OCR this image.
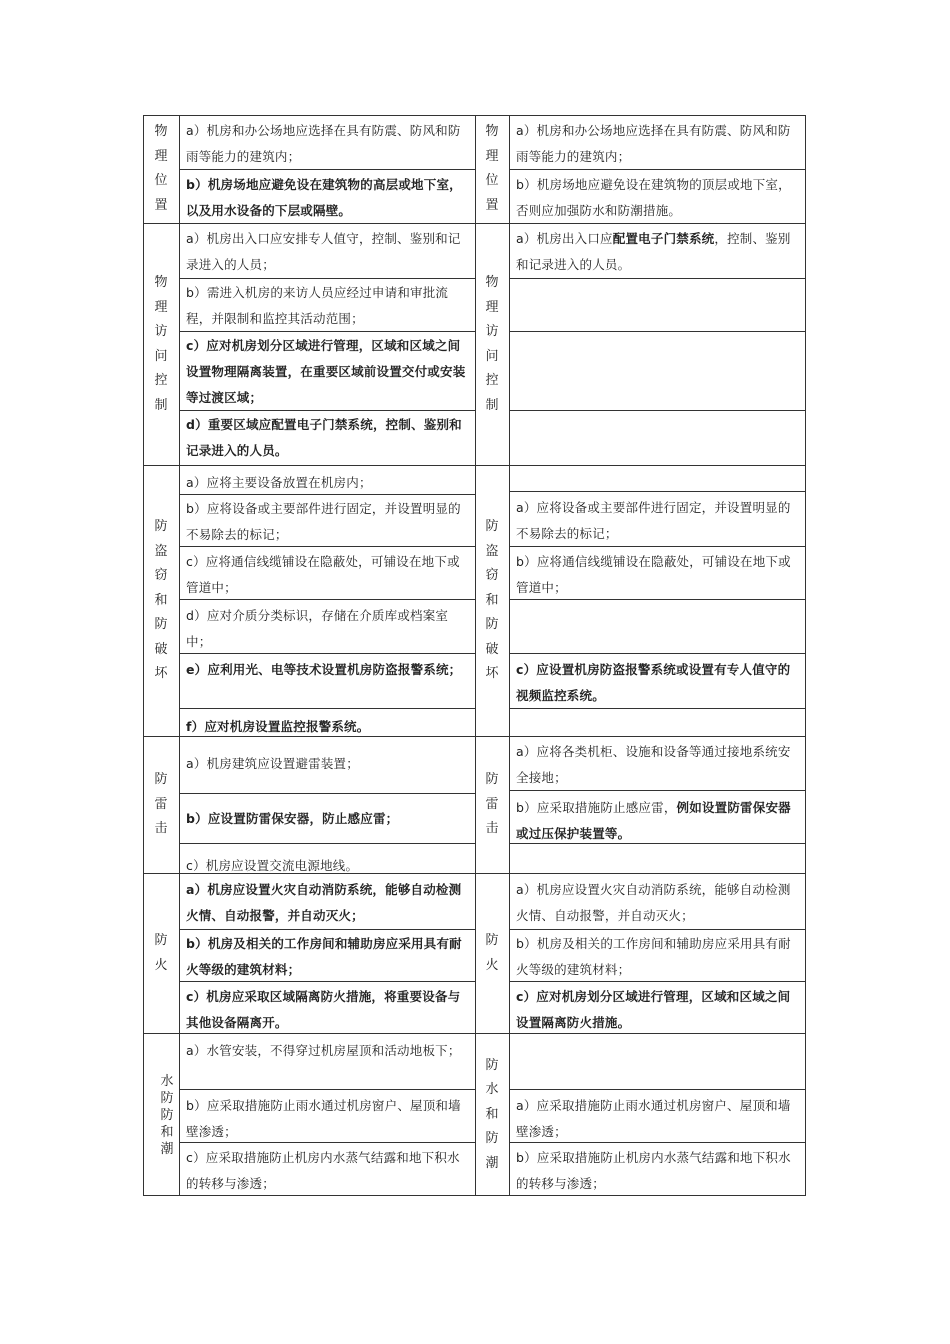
物理位置
物理位置
a）机房和办公场地应选择在具有防震、防风和防雨等能力的建筑内；
b）机房场地应避免设在建筑物的高层或地下室，以及用水设备的下层或隔壁。
a）机房和办公场地应选择在具有防震、防风和防雨等能力的建筑内；
b）机房场地应避免设在建筑物的顶层或地下室，否则应加强防水和防潮措施。
物理访问控制
物理访问控制
a）机房出入口应安排专人值守，控制、鉴别和记录进入的人员；
b）需进入机房的来访人员应经过申请和审批流程，并限制和监控其活动范围；
c）应对机房划分区域进行管理，区域和区域之间设置物理隔离装置，在重要区域前设置交付或安装等过渡区域；
d）重要区域应配置电子门禁系统，控制、鉴别和记录进入的人员。
a）机房出入口应配置电子门禁系统，控制、鉴别和记录进入的人员。
防盗窃和防破坏
防盗窃和防破坏
a）应将主要设备放置在机房内；
b）应将设备或主要部件进行固定，并设置明显的不易除去的标记；
c）应将通信线缆铺设在隐蔽处，可铺设在地下或管道中；
d）应对介质分类标识，存储在介质库或档案室中；
e）应利用光、电等技术设置机房防盗报警系统；
f）应对机房设置监控报警系统。
a）应将设备或主要部件进行固定，并设置明显的不易除去的标记；
b）应将通信线缆铺设在隐蔽处，可铺设在地下或管道中；
c）应设置机房防盗报警系统或设置有专人值守的视频监控系统。
防雷击
防雷击
a）机房建筑应设置避雷装置；
b）应设置防雷保安器，防止感应雷；
c）机房应设置交流电源地线。
a）应将各类机柜、设施和设备等通过接地系统安全接地；
b）应采取措施防止感应雷，例如设置防雷保安器或过压保护装置等。
防火
防火
a）机房应设置火灾自动消防系统，能够自动检测火情、自动报警，并自动灭火；
b）机房及相关的工作房间和辅助房应采用具有耐火等级的建筑材料；
c）机房应采取区域隔离防火措施，将重要设备与其他设备隔离开。
a）机房应设置火灾自动消防系统，能够自动检测火情、自动报警，并自动灭火；
b）机房及相关的工作房间和辅助房应采用具有耐火等级的建筑材料；
c）应对机房划分区域进行管理，区域和区域之间设置隔离防火措施。
水防防和潮
防水和防潮
a）水管安装，不得穿过机房屋顶和活动地板下；
b）应采取措施防止雨水通过机房窗户、屋顶和墙壁渗透；
c）应采取措施防止机房内水蒸气结露和地下积水的转移与渗透；
a）应采取措施防止雨水通过机房窗户、屋顶和墙壁渗透；
b）应采取措施防止机房内水蒸气结露和地下积水的转移与渗透；
